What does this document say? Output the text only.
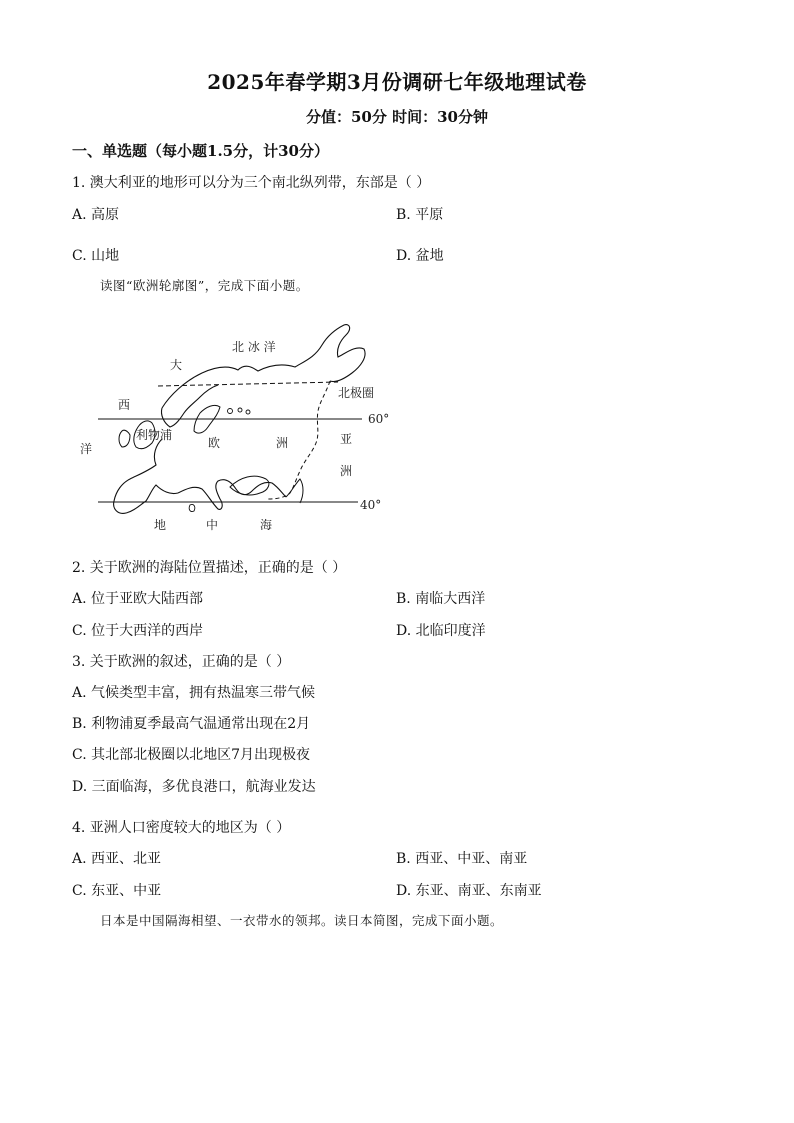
2025年春学期3月份调研七年级地理试卷
分值：50分 时间：30分钟
一、单选题（每小题1.5分，计30分）
1. 澳大利亚的地形可以分为三个南北纵列带，东部是（ ）
A. 高原	B. 平原
C. 山地	D. 盆地
读图“欧洲轮廓图”，完成下面小题。
北 冰 洋
大
西
洋
北极圈
60°
40°
利物浦
欧	洲	亚
洲
地	中	海
2. 关于欧洲的海陆位置描述，正确的是（ ）
A. 位于亚欧大陆西部	B. 南临大西洋
C. 位于大西洋的西岸	D. 北临印度洋
3. 关于欧洲的叙述，正确的是（ ）
A. 气候类型丰富，拥有热温寒三带气候
B. 利物浦夏季最高气温通常出现在2月
C. 其北部北极圈以北地区7月出现极夜
D. 三面临海，多优良港口，航海业发达
4. 亚洲人口密度较大的地区为（ ）
A. 西亚、北亚	B. 西亚、中亚、南亚
C. 东亚、中亚	D. 东亚、南亚、东南亚
日本是中国隔海相望、一衣带水的领邦。读日本简图，完成下面小题。
